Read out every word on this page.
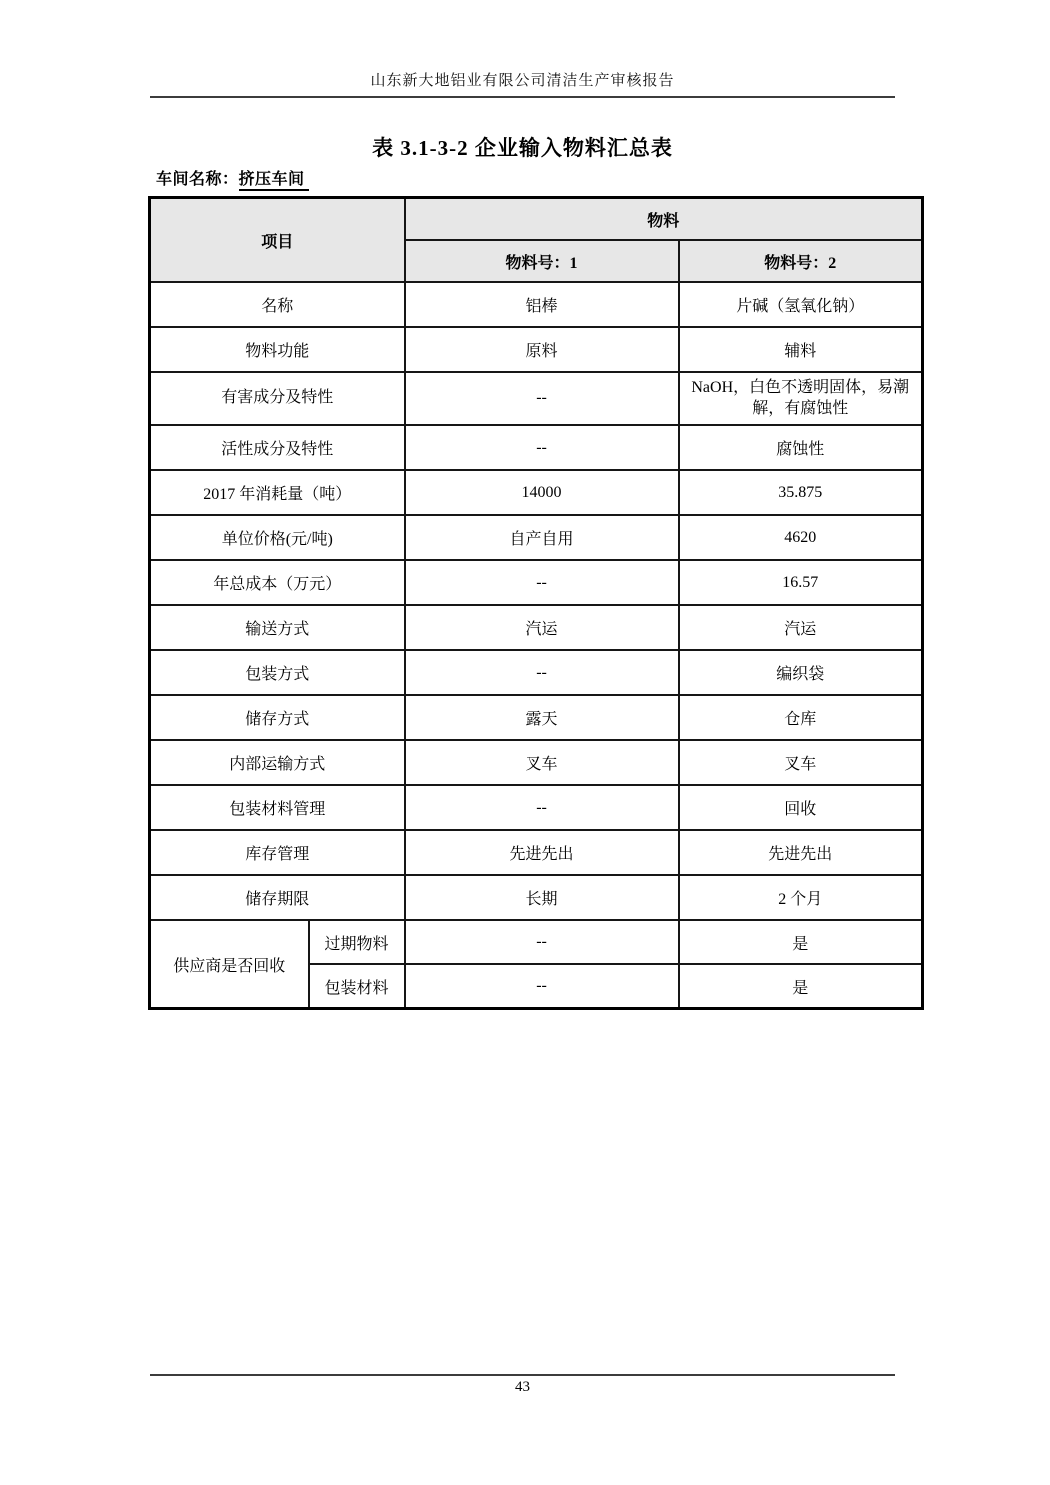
山东新大地铝业有限公司清洁生产审核报告
表 3.1-3-2 企业输入物料汇总表
车间名称：挤压车间
项目		物料	
		物料号：1	物料号：2
名称		铝棒	片碱（氢氧化钠）
物料功能		原料	辅料
有害成分及特性		--	NaOH，白色不透明固体，易潮解，有腐蚀性
活性成分及特性		--	腐蚀性
2017 年消耗量（吨）		14000	35.875
单位价格(元/吨)		自产自用	4620
年总成本（万元）		--	16.57
输送方式		汽运	汽运
包装方式		--	编织袋
储存方式		露天	仓库
内部运输方式		叉车	叉车
包装材料管理		--	回收
库存管理		先进先出	先进先出
储存期限		长期	2 个月
供应商是否回收	过期物料	--	是
	包装材料	--	是
43
